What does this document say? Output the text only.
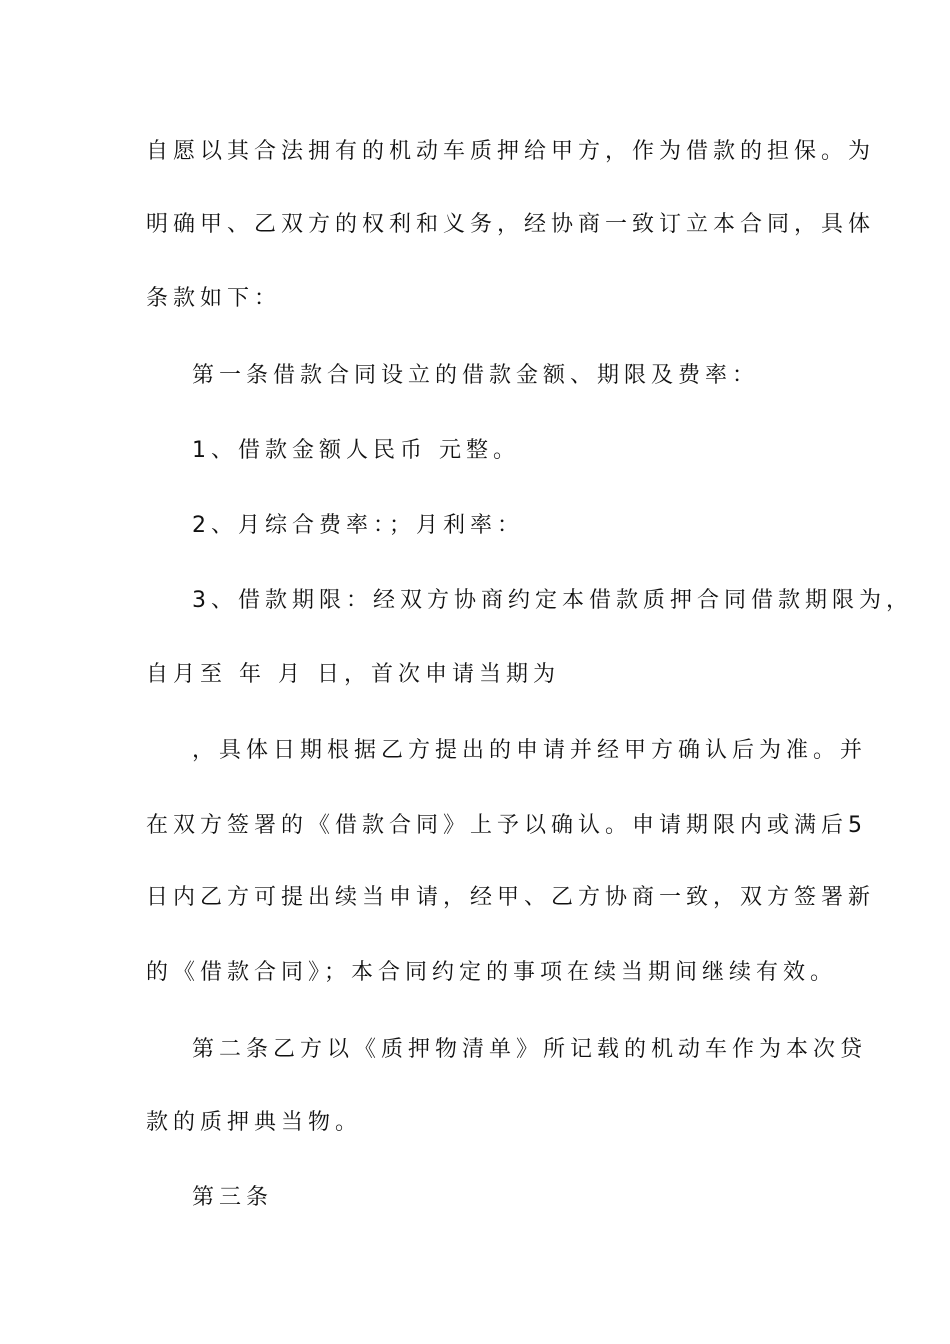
自愿以其合法拥有的机动车质押给甲方，作为借款的担保。为
明确甲、乙双方的权利和义务，经协商一致订立本合同，具体
条款如下：
第一条借款合同设立的借款金额、期限及费率：
1、借款金额人民币 元整。
2、月综合费率：；月利率：
3、借款期限：经双方协商约定本借款质押合同借款期限为，
自月至 年 月 日，首次申请当期为
，具体日期根据乙方提出的申请并经甲方确认后为准。并
在双方签署的《借款合同》上予以确认。申请期限内或满后5
日内乙方可提出续当申请，经甲、乙方协商一致，双方签署新
的《借款合同》；本合同约定的事项在续当期间继续有效。
第二条乙方以《质押物清单》所记载的机动车作为本次贷
款的质押典当物。
第三条
